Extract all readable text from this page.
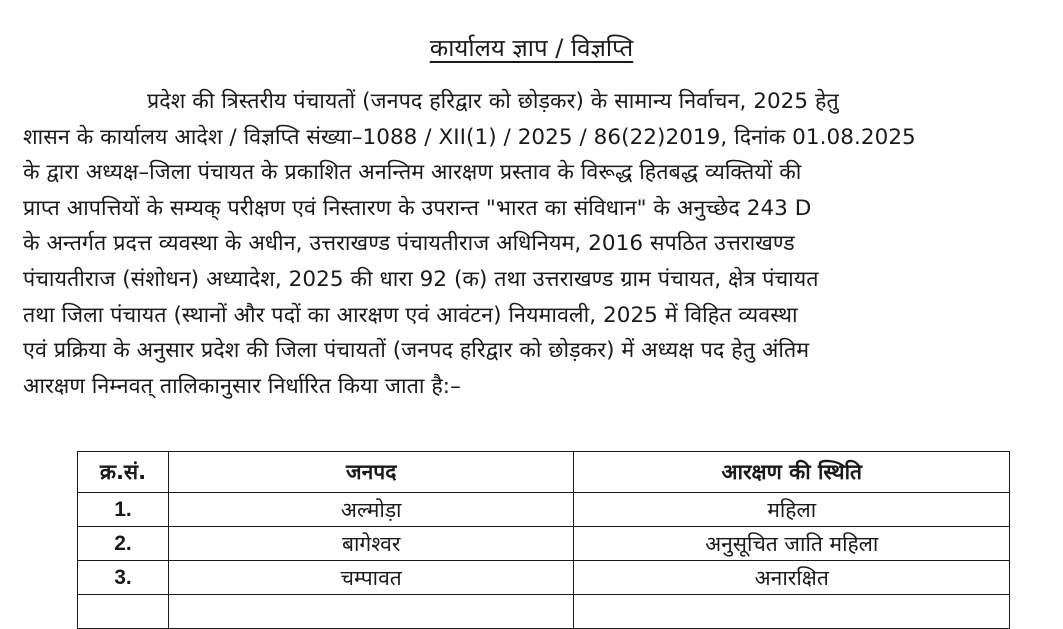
कार्यालय ज्ञाप / विज्ञप्ति

प्रदेश की त्रिस्तरीय पंचायतों (जनपद हरिद्वार को छोड़कर) के सामान्य निर्वाचन, 2025 हेतु
शासन के कार्यालय आदेश / विज्ञप्ति संख्या–1088 / XII(1) / 2025 / 86(22)2019, दिनांक 01.08.2025
के द्वारा अध्यक्ष–जिला पंचायत के प्रकाशित अनन्तिम आरक्षण प्रस्ताव के विरूद्ध हितबद्ध व्यक्तियों की
प्राप्त आपत्तियों के सम्यक् परीक्षण एवं निस्तारण के उपरान्त "भारत का संविधान" के अनुच्छेद 243 D
के अन्तर्गत प्रदत्त व्यवस्था के अधीन, उत्तराखण्ड पंचायतीराज अधिनियम, 2016 सपठित उत्तराखण्ड
पंचायतीराज (संशोधन) अध्यादेश, 2025 की धारा 92 (क) तथा उत्तराखण्ड ग्राम पंचायत, क्षेत्र पंचायत
तथा जिला पंचायत (स्थानों और पदों का आरक्षण एवं आवंटन) नियमावली, 2025 में विहित व्यवस्था
एवं प्रक्रिया के अनुसार प्रदेश की जिला पंचायतों (जनपद हरिद्वार को छोड़कर) में अध्यक्ष पद हेतु अंतिम
आरक्षण निम्नवत् तालिकानुसार निर्धारित किया जाता है:–

क्र.सं.	जनपद	आरक्षण की स्थिति
1.	अल्मोड़ा	महिला
2.	बागेश्वर	अनुसूचित जाति महिला
3.	चम्पावत	अनारक्षित
